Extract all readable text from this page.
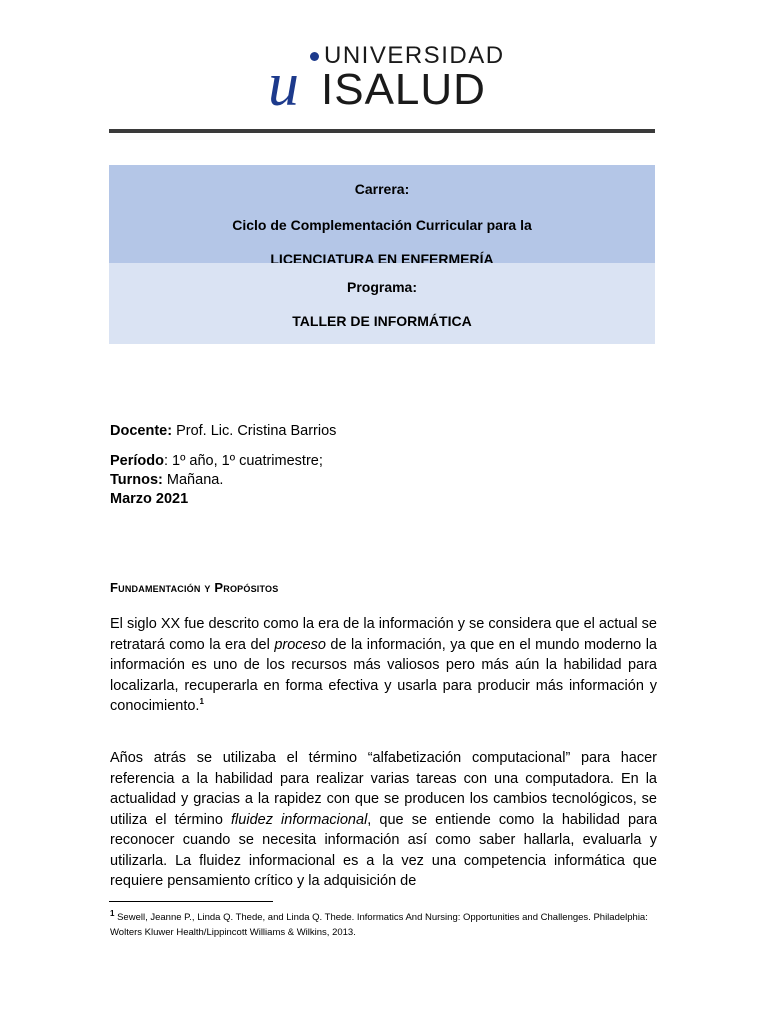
u UNIVERSIDAD
ISALUD
Carrera:
Ciclo de Complementación Curricular para la
LICENCIATURA EN ENFERMERÍA
Programa:
TALLER DE INFORMÁTICA
Docente: Prof. Lic. Cristina Barrios
Período: 1º año, 1º cuatrimestre;
Turnos: Mañana.
Marzo 2021
Fundamentación y Propósitos
El siglo XX fue descrito como la era de la información y se considera que el actual se retratará como la era del proceso de la información, ya que en el mundo moderno la información es uno de los recursos más valiosos pero más aún la habilidad para localizarla, recuperarla en forma efectiva y usarla para producir más información y conocimiento.$^1$
Años atrás se utilizaba el término “alfabetización computacional” para hacer referencia a la habilidad para realizar varias tareas con una computadora. En la actualidad y gracias a la rapidez con que se producen los cambios tecnológicos, se utiliza el término fluidez informacional, que se entiende como la habilidad para reconocer cuando se necesita información así como saber hallarla, evaluarla y utilizarla. La fluidez informacional es a la vez una competencia informática que requiere pensamiento crítico y la adquisición de
$^1$ Sewell, Jeanne P., Linda Q. Thede, and Linda Q. Thede. Informatics And Nursing: Opportunities and Challenges. Philadelphia: Wolters Kluwer Health/Lippincott Williams & Wilkins, 2013.
